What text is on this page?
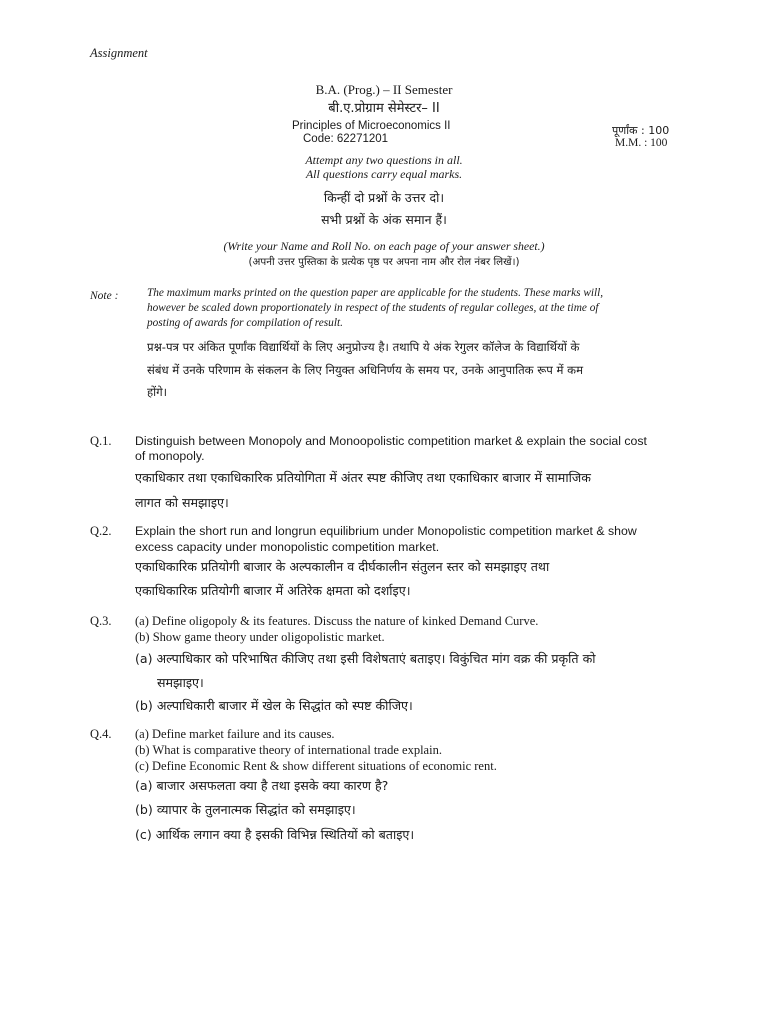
Assignment

B.A. (Prog.) – II Semester

बी.ए.प्रोग्राम सेमेस्टर– II

Principles of Microeconomics II

Code: 62271201

पूर्णांक : 100

M.M. : 100

Attempt any two questions in all.

All questions carry equal marks.

किन्हीं दो प्रश्नों के उत्तर दो।

सभी प्रश्नों के अंक समान हैं।

(Write your Name and Roll No. on each page of your answer sheet.)

(अपनी उत्तर पुस्तिका के प्रत्येक पृष्ठ पर अपना नाम और रोल नंबर लिखें।)

Note :	The maximum marks printed on the question paper are applicable for the students. These marks will,

however be scaled down proportionately in respect of the students of regular colleges, at the time of

posting of awards for compilation of result.

प्रश्न-पत्र पर अंकित पूर्णांक विद्यार्थियों के लिए अनुप्रोज्य है। तथापि ये अंक रेगुलर कॉलेज के विद्यार्थियों के

संबंध में उनके परिणाम के संकलन के लिए नियुक्त अधिनिर्णय के समय पर, उनके आनुपातिक रूप में कम

होंगे।

Q.1. Distinguish between Monopoly and Monoopolistic competition market & explain the social cost

of monopoly.

एकाधिकार तथा एकाधिकारिक प्रतियोगिता में अंतर स्पष्ट कीजिए तथा एकाधिकार बाजार में सामाजिक

लागत को समझाइए।

Q.2. Explain the short run and longrun equilibrium under Monopolistic competition market & show

excess capacity under monopolistic competition market.

एकाधिकारिक प्रतियोगी बाजार के अल्पकालीन व दीर्घकालीन संतुलन स्तर को समझाइए तथा

एकाधिकारिक प्रतियोगी बाजार में अतिरेक क्षमता को दर्शाइए।

Q.3. (a) Define oligopoly & its features. Discuss the nature of kinked Demand Curve.

(b) Show game theory under oligopolistic market.

(a) अल्पाधिकार को परिभाषित कीजिए तथा इसी विशेषताएं बताइए। विकुंचित मांग वक्र की प्रकृति को

समझाइए।

(b) अल्पाधिकारी बाजार में खेल के सिद्धांत को स्पष्ट कीजिए।

Q.4. (a) Define market failure and its causes.

(b) What is comparative theory of international trade explain.

(c) Define Economic Rent & show different situations of economic rent.

(a) बाजार असफलता क्या है तथा इसके क्या कारण है?

(b) व्यापार के तुलनात्मक सिद्धांत को समझाइए।

(c) आर्थिक लगान क्या है इसकी विभिन्न स्थितियों को बताइए।
